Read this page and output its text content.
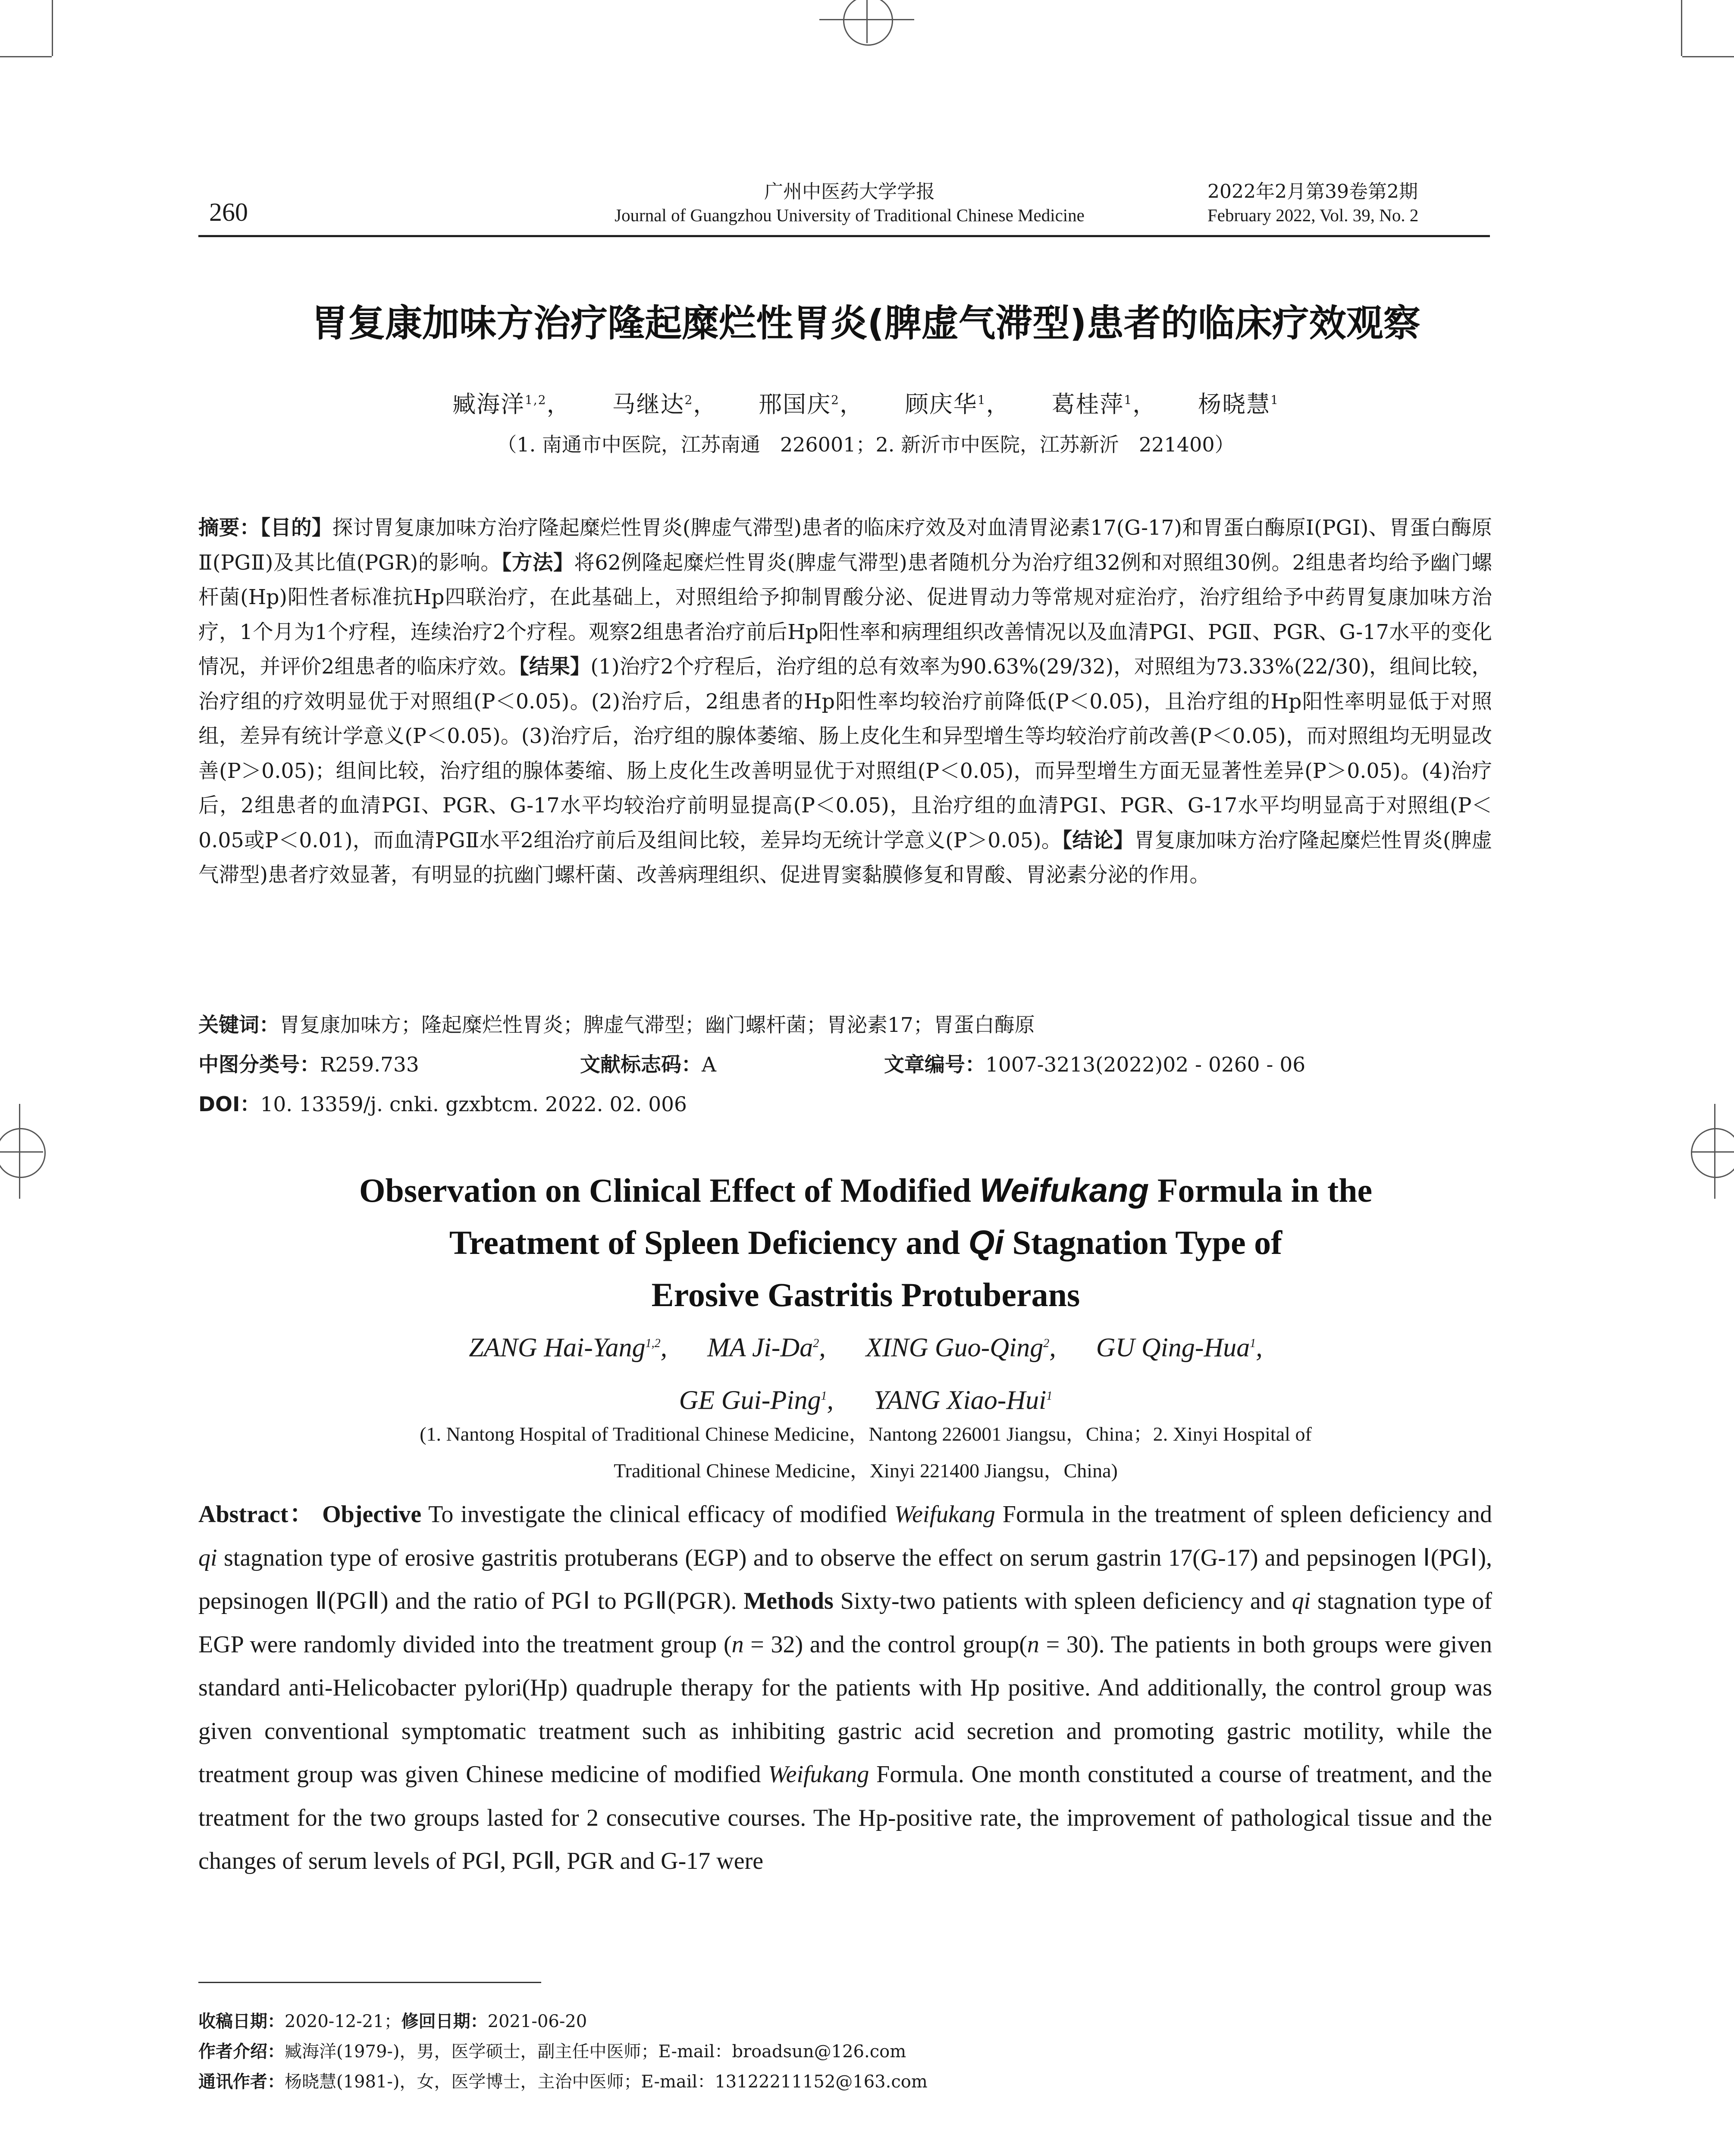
260
广州中医药大学学报
Journal of Guangzhou University of Traditional Chinese Medicine
2022年2月第39卷第2期
February 2022, Vol. 39, No. 2
胃复康加味方治疗隆起糜烂性胃炎(脾虚气滞型)患者的临床疗效观察
臧海洋$^{1,2}$，     马继达$^2$，     邢国庆$^2$，     顾庆华$^1$，     葛桂萍$^1$，     杨晓慧$^1$
（1. 南通市中医院，江苏南通　226001；2. 新沂市中医院，江苏新沂　221400）
摘要：【目的】探讨胃复康加味方治疗隆起糜烂性胃炎(脾虚气滞型)患者的临床疗效及对血清胃泌素17(G-17)和胃蛋白酶原Ⅰ(PGⅠ)、胃蛋白酶原Ⅱ(PGⅡ)及其比值(PGR)的影响。【方法】将62例隆起糜烂性胃炎(脾虚气滞型)患者随机分为治疗组32例和对照组30例。2组患者均给予幽门螺杆菌(Hp)阳性者标准抗Hp四联治疗，在此基础上，对照组给予抑制胃酸分泌、促进胃动力等常规对症治疗，治疗组给予中药胃复康加味方治疗，1个月为1个疗程，连续治疗2个疗程。观察2组患者治疗前后Hp阳性率和病理组织改善情况以及血清PGⅠ、PGⅡ、PGR、G-17水平的变化情况，并评价2组患者的临床疗效。【结果】(1)治疗2个疗程后，治疗组的总有效率为90.63%(29/32)，对照组为73.33%(22/30)，组间比较，治疗组的疗效明显优于对照组(P＜0.05)。(2)治疗后，2组患者的Hp阳性率均较治疗前降低(P＜0.05)，且治疗组的Hp阳性率明显低于对照组，差异有统计学意义(P＜0.05)。(3)治疗后，治疗组的腺体萎缩、肠上皮化生和异型增生等均较治疗前改善(P＜0.05)，而对照组均无明显改善(P＞0.05)；组间比较，治疗组的腺体萎缩、肠上皮化生改善明显优于对照组(P＜0.05)，而异型增生方面无显著性差异(P＞0.05)。(4)治疗后，2组患者的血清PGⅠ、PGR、G-17水平均较治疗前明显提高(P＜0.05)，且治疗组的血清PGⅠ、PGR、G-17水平均明显高于对照组(P＜0.05或P＜0.01)，而血清PGⅡ水平2组治疗前后及组间比较，差异均无统计学意义(P＞0.05)。【结论】胃复康加味方治疗隆起糜烂性胃炎(脾虚气滞型)患者疗效显著，有明显的抗幽门螺杆菌、改善病理组织、促进胃窦黏膜修复和胃酸、胃泌素分泌的作用。
关键词：胃复康加味方；隆起糜烂性胃炎；脾虚气滞型；幽门螺杆菌；胃泌素17；胃蛋白酶原
中图分类号：R259.733	文献标志码：A	文章编号：1007-3213(2022)02 - 0260 - 06
DOI：10. 13359/j. cnki. gzxbtcm. 2022. 02. 006
Observation on Clinical Effect of Modified Weifukang Formula in the
Treatment of Spleen Deficiency and Qi Stagnation Type of
Erosive Gastritis Protuberans
ZANG Hai-Yang$^{1,2}$,      MA Ji-Da$^2$,      XING Guo-Qing$^2$,      GU Qing-Hua$^1$,
GE Gui-Ping$^1$,      YANG Xiao-Hui$^1$
(1. Nantong Hospital of Traditional Chinese Medicine，Nantong 226001 Jiangsu，China；2. Xinyi Hospital of
Traditional Chinese Medicine，Xinyi 221400 Jiangsu，China)
Abstract： Objective To investigate the clinical efficacy of modified Weifukang Formula in the treatment of spleen deficiency and qi stagnation type of erosive gastritis protuberans (EGP) and to observe the effect on serum gastrin 17(G-17) and pepsinogen Ⅰ(PGⅠ), pepsinogen Ⅱ(PGⅡ) and the ratio of PGⅠ to PGⅡ(PGR). Methods Sixty-two patients with spleen deficiency and qi stagnation type of EGP were randomly divided into the treatment group (n = 32) and the control group(n = 30). The patients in both groups were given standard anti-Helicobacter pylori(Hp) quadruple therapy for the patients with Hp positive. And additionally, the control group was given conventional symptomatic treatment such as inhibiting gastric acid secretion and promoting gastric motility, while the treatment group was given Chinese medicine of modified Weifukang Formula. One month constituted a course of treatment, and the treatment for the two groups lasted for 2 consecutive courses. The Hp-positive rate, the improvement of pathological tissue and the changes of serum levels of PGⅠ, PGⅡ, PGR and G-17 were
收稿日期：2020-12-21；修回日期：2021-06-20
作者介绍：臧海洋(1979-)，男，医学硕士，副主任中医师；E-mail：broadsun@126.com
通讯作者：杨晓慧(1981-)，女，医学博士，主治中医师；E-mail：13122211152@163.com
